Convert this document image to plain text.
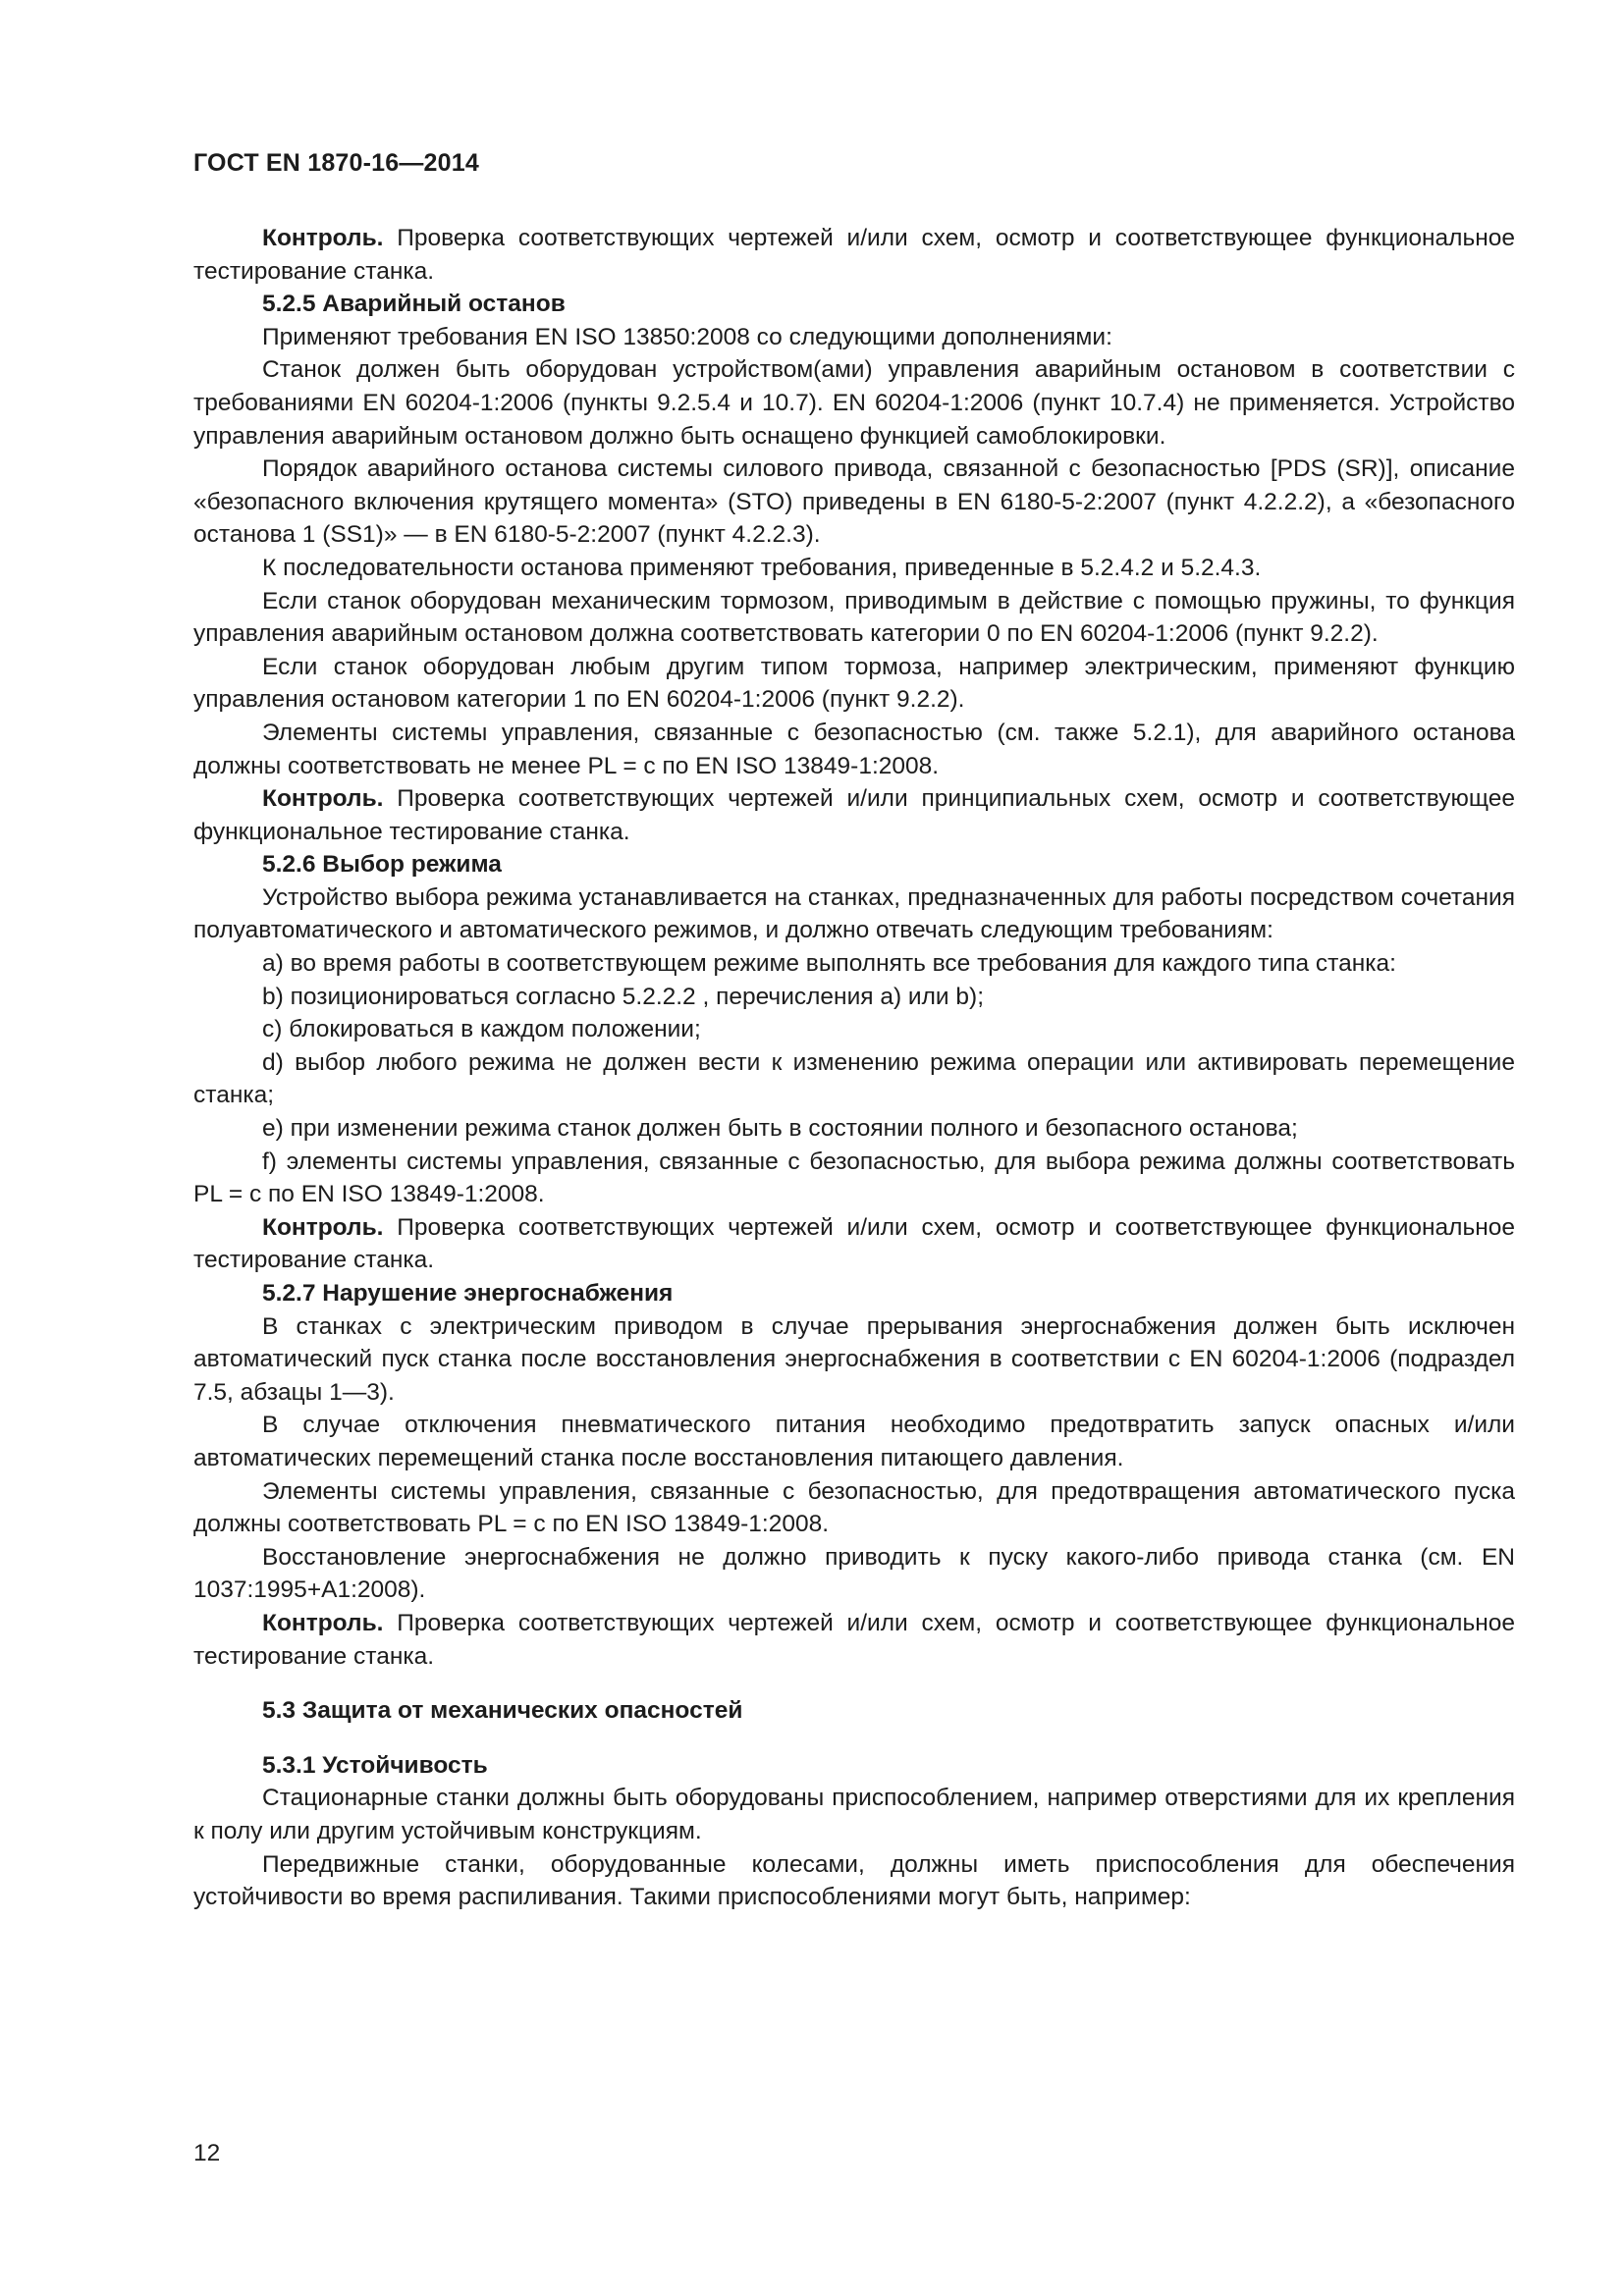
ГОСТ EN 1870-16—2014

Контроль. Проверка соответствующих чертежей и/или схем, осмотр и соответствующее функциональное тестирование станка.

5.2.5 Аварийный останов

Применяют требования EN ISO 13850:2008 со следующими дополнениями:

Станок должен быть оборудован устройством(ами) управления аварийным остановом в соответствии с требованиями EN 60204-1:2006 (пункты 9.2.5.4 и 10.7). EN 60204-1:2006 (пункт 10.7.4) не применяется. Устройство управления аварийным остановом должно быть оснащено функцией самоблокировки.

Порядок аварийного останова системы силового привода, связанной с безопасностью [PDS (SR)], описание «безопасного включения крутящего момента» (STO) приведены в EN 6180-5-2:2007 (пункт 4.2.2.2), а «безопасного останова 1 (SS1)» — в EN 6180-5-2:2007 (пункт 4.2.2.3).

К последовательности останова применяют требования, приведенные в 5.2.4.2 и 5.2.4.3.

Если станок оборудован механическим тормозом, приводимым в действие с помощью пружины, то функция управления аварийным остановом должна соответствовать категории 0 по EN 60204-1:2006 (пункт 9.2.2).

Если станок оборудован любым другим типом тормоза, например электрическим, применяют функцию управления остановом категории 1 по EN 60204-1:2006 (пункт 9.2.2).

Элементы системы управления, связанные с безопасностью (см. также 5.2.1), для аварийного останова должны соответствовать не менее PL = c по EN ISO 13849-1:2008.

Контроль. Проверка соответствующих чертежей и/или принципиальных схем, осмотр и соответствующее функциональное тестирование станка.

5.2.6 Выбор режима

Устройство выбора режима устанавливается на станках, предназначенных для работы посредством сочетания полуавтоматического и автоматического режимов, и должно отвечать следующим требованиям:

a) во время работы в соответствующем режиме выполнять все требования для каждого типа станка:

b) позиционироваться согласно 5.2.2.2 , перечисления a) или b);

c) блокироваться в каждом положении;

d) выбор любого режима не должен вести к изменению режима операции или активировать перемещение станка;

e) при изменении режима станок должен быть в состоянии полного и безопасного останова;

f) элементы системы управления, связанные с безопасностью, для выбора режима должны соответствовать PL = c по EN ISO 13849-1:2008.

Контроль. Проверка соответствующих чертежей и/или схем, осмотр и соответствующее функциональное тестирование станка.

5.2.7 Нарушение энергоснабжения

В станках с электрическим приводом в случае прерывания энергоснабжения должен быть исключен автоматический пуск станка после восстановления энергоснабжения в соответствии с EN 60204-1:2006 (подраздел 7.5, абзацы 1—3).

В случае отключения пневматического питания необходимо предотвратить запуск опасных и/или автоматических перемещений станка после восстановления питающего давления.

Элементы системы управления, связанные с безопасностью, для предотвращения автоматического пуска должны соответствовать PL = c по EN ISO 13849-1:2008.

Восстановление энергоснабжения не должно приводить к пуску какого-либо привода станка (см. EN 1037:1995+A1:2008).

Контроль. Проверка соответствующих чертежей и/или схем, осмотр и соответствующее функциональное тестирование станка.

5.3 Защита от механических опасностей

5.3.1 Устойчивость

Стационарные станки должны быть оборудованы приспособлением, например отверстиями для их крепления к полу или другим устойчивым конструкциям.

Передвижные станки, оборудованные колесами, должны иметь приспособления для обеспечения устойчивости во время распиливания. Такими приспособлениями могут быть, например:

12
